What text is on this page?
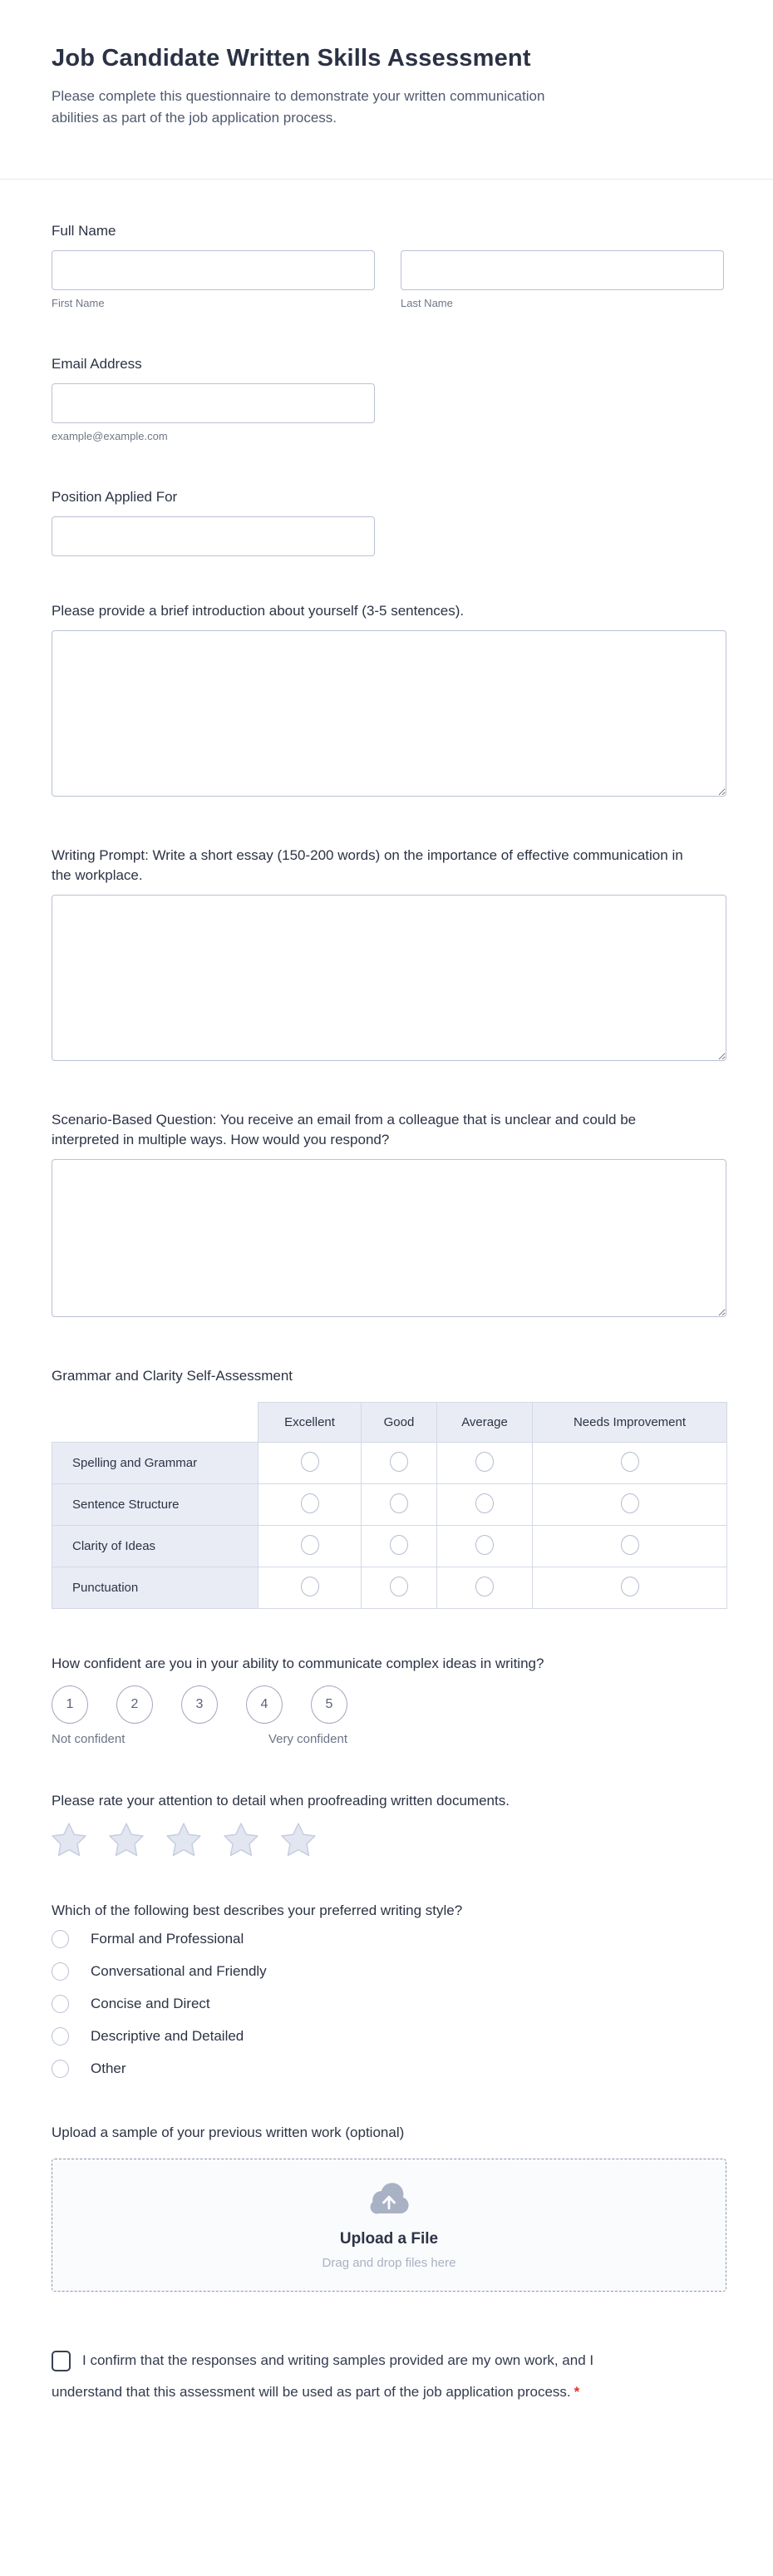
Job Candidate Written Skills Assessment

Please complete this questionnaire to demonstrate your written communication abilities as part of the job application process.

Full Name
First Name	Last Name
Email Address
example@example.com
Position Applied For
Please provide a brief introduction about yourself (3-5 sentences).
Writing Prompt: Write a short essay (150-200 words) on the importance of effective communication in the workplace.
Scenario-Based Question: You receive an email from a colleague that is unclear and could be interpreted in multiple ways. How would you respond?
Grammar and Clarity Self-Assessment
	Excellent	Good	Average	Needs Improvement
Spelling and Grammar				
Sentence Structure				
Clarity of Ideas				
Punctuation				
How confident are you in your ability to communicate complex ideas in writing?
1	2	3	4	5
Not confident	Very confident
Please rate your attention to detail when proofreading written documents.
Which of the following best describes your preferred writing style?
Formal and Professional
Conversational and Friendly
Concise and Direct
Descriptive and Detailed
Other
Upload a sample of your previous written work (optional)
Upload a File
Drag and drop files here
I confirm that the responses and writing samples provided are my own work, and I understand that this assessment will be used as part of the job application process. *
